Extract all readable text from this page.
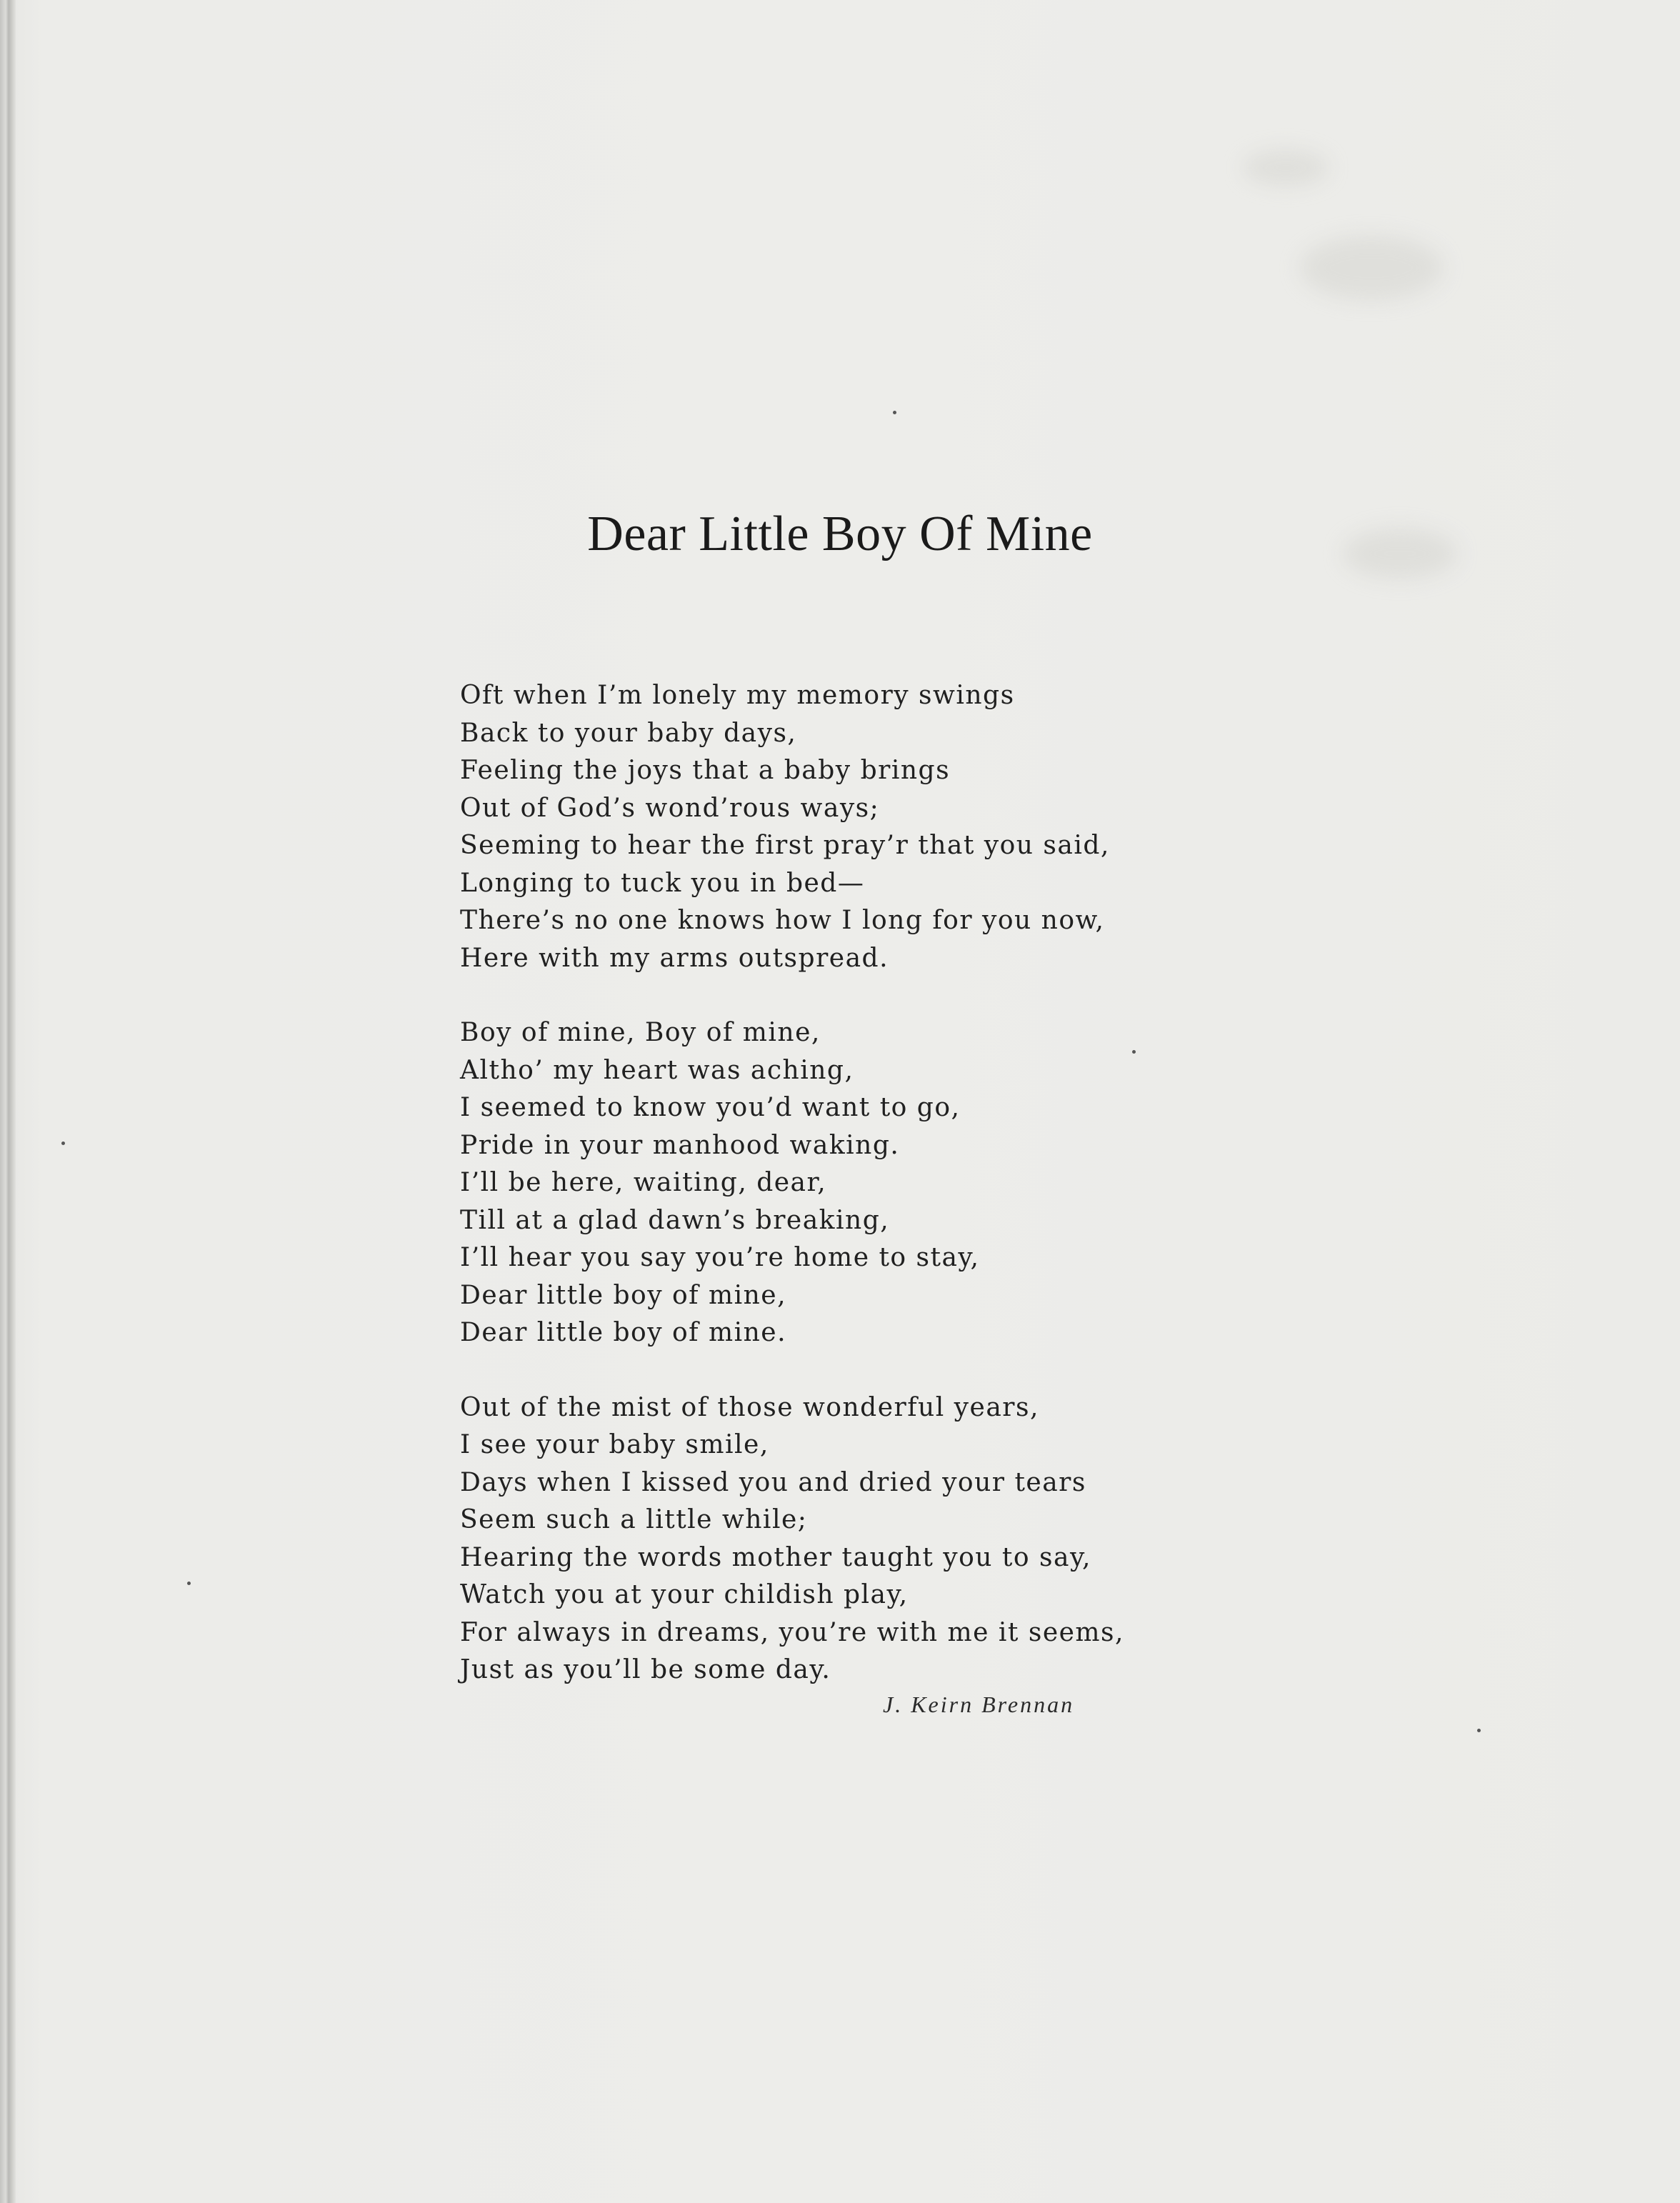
Dear Little Boy Of Mine
Oft when I’m lonely my memory swings
Back to your baby days,
Feeling the joys that a baby brings
Out of God’s wond’rous ways;
Seeming to hear the first pray’r that you said,
Longing to tuck you in bed—
There’s no one knows how I long for you now,
Here with my arms outspread.
Boy of mine, Boy of mine,
Altho’ my heart was aching,
I seemed to know you’d want to go,
Pride in your manhood waking.
I’ll be here, waiting, dear,
Till at a glad dawn’s breaking,
I’ll hear you say you’re home to stay,
Dear little boy of mine,
Dear little boy of mine.
Out of the mist of those wonderful years,
I see your baby smile,
Days when I kissed you and dried your tears
Seem such a little while;
Hearing the words mother taught you to say,
Watch you at your childish play,
For always in dreams, you’re with me it seems,
Just as you’ll be some day.
J. Keirn Brennan
